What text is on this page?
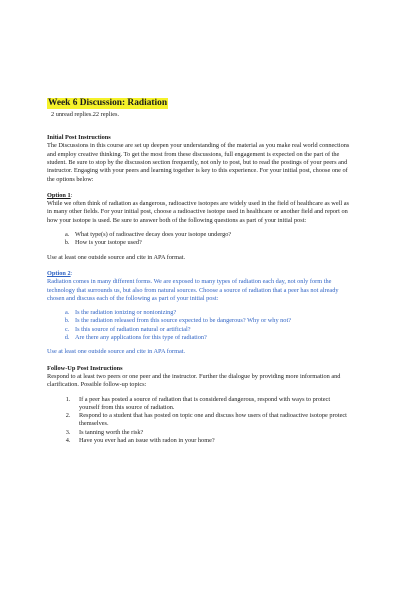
Week 6 Discussion: Radiation
2 unread replies.22 replies.
Initial Post Instructions

The Discussions in this course are set up deepen your understanding of the material as you make real world connections and employ creative thinking. To get the most from these discussions, full engagement is expected on the part of the student. Be sure to stop by the discussion section frequently, not only to post, but to read the postings of your peers and instructor. Engaging with your peers and learning together is key to this experience. For your initial post, choose one of the options below:

Option 1:

While we often think of radiation as dangerous, radioactive isotopes are widely used in the field of healthcare as well as in many other fields. For your initial post, choose a radioactive isotope used in healthcare or another field and report on how your isotope is used. Be sure to answer both of the following questions as part of your initial post:

a. What type(s) of radioactive decay does your isotope undergo?
b. How is your isotope used?

Use at least one outside source and cite in APA format.

Option 2:

Radiation comes in many different forms. We are exposed to many types of radiation each day, not only form the technology that surrounds us, but also from natural sources. Choose a source of radiation that a peer has not already chosen and discuss each of the following as part of your initial post:

a. Is the radiation ionizing or nonionizing?
b. Is the radiation released from this source expected to be dangerous? Why or why not?
c. Is this source of radiation natural or artificial?
d. Are there any applications for this type of radiation?

Use at least one outside source and cite in APA format.

Follow-Up Post Instructions

Respond to at least two peers or one peer and the instructor. Further the dialogue by providing more information and clarification. Possible follow-up topics:

1. If a peer has posted a source of radiation that is considered dangerous, respond with ways to protect yourself from this source of radiation.
2. Respond to a student that has posted on topic one and discuss how users of that radioactive isotope protect themselves.
3. Is tanning worth the risk?
4. Have you ever had an issue with radon in your home?
